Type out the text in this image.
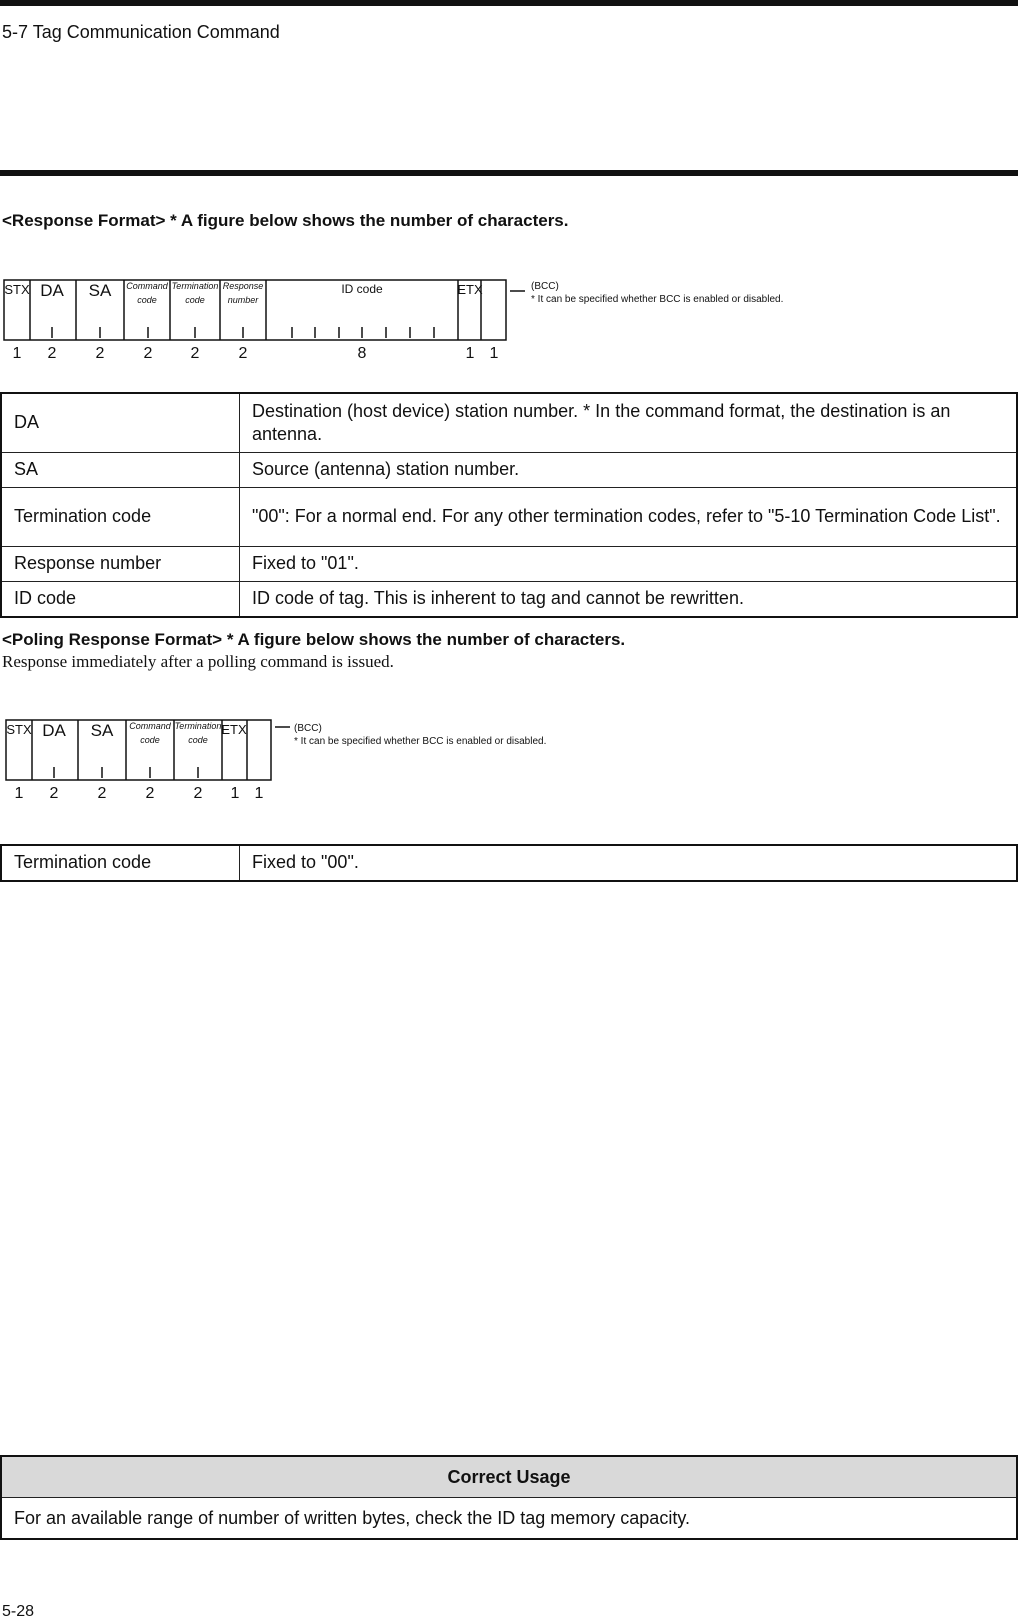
5-7 Tag Communication Command
<Response Format> * A figure below shows the number of characters.
STX DA SA Command
code
Termination
code
Response
number
ID code	ETX	(BCC)
* It can be specified whether BCC is enabled or disabled.
1 2 2 2 2 2	8	1 1
DA	Destination (host device) station number. * In the command format, the destination is an antenna.
SA	Source (antenna) station number.
Termination code	"00": For a normal end. For any other termination codes, refer to "5-10 Termination Code List".
Response number	Fixed to "01".
ID code	ID code of tag. This is inherent to tag and cannot be rewritten.
<Poling Response Format> * A figure below shows the number of characters.
Response immediately after a polling command is issued.
STX DA SA Command
code
Termination
code
ETX	(BCC)
* It can be specified whether BCC is enabled or disabled.
1 2 2 2 2 1 1
Termination code	Fixed to "00".
Correct Usage
For an available range of number of written bytes, check the ID tag memory capacity.
5-28
